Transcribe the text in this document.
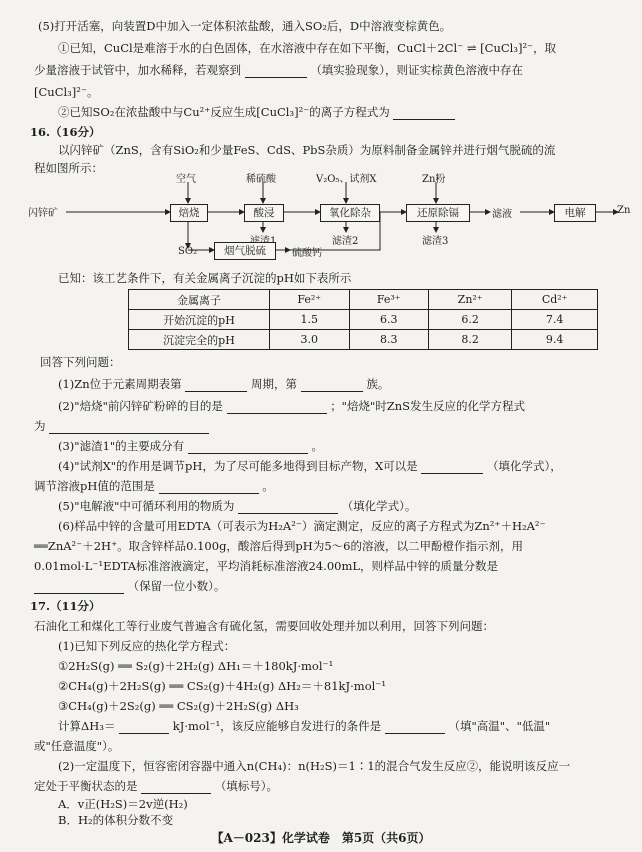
(5)打开活塞，向装置D中加入一定体积浓盐酸，通入SO₂后，D中溶液变棕黄色。
①已知，CuCl是难溶于水的白色固体，在水溶液中存在如下平衡，CuCl＋2Cl⁻ ⇌ [CuCl₃]²⁻，取
少量溶液于试管中，加水稀释，若观察到	（填实验现象），则证实棕黄色溶液中存在
[CuCl₃]²⁻。
②已知SO₂在浓盐酸中与Cu²⁺反应生成[CuCl₃]²⁻的离子方程式为
16.（16分）
以闪锌矿（ZnS，含有SiO₂和少量FeS、CdS、PbS杂质）为原料制备金属锌并进行烟气脱硫的流
程如图所示：
闪锌矿	焙烧	酸浸	氧化除杂	还原除镉	滤液	电解	Zn
空气	稀硫酸	V₂O₅、试剂X	Zn粉
滤渣2	滤渣3
SO₂	烟气脱硫	硫酸钙
已知：该工艺条件下，有关金属离子沉淀的pH如下表所示
金属离子	Fe²⁺	Fe³⁺	Zn²⁺	Cd²⁺
开始沉淀的pH	1.5	6.3	6.2	7.4
沉淀完全的pH	3.0	8.3	8.2	9.4
回答下列问题：
(1)Zn位于元素周期表第	周期，第	族。
(2)"焙烧"前闪锌矿粉碎的目的是	；"焙烧"时ZnS发生反应的化学方程式
为
(3)"滤渣1"的主要成分有	。
(4)"试剂X"的作用是调节pH，为了尽可能多地得到目标产物，X可以是	（填化学式），
调节溶液pH值的范围是	。
(5)"电解液"中可循环利用的物质为	（填化学式）。
(6)样品中锌的含量可用EDTA（可表示为H₂A²⁻）滴定测定，反应的离子方程式为Zn²⁺＋H₂A²⁻
══ZnA²⁻＋2H⁺。取含锌样品0.100g，酸溶后得到pH为5～6的溶液，以二甲酚橙作指示剂，用
0.01mol·L⁻¹EDTA标准溶液滴定，平均消耗标准溶液24.00mL，则样品中锌的质量分数是
（保留一位小数）。
17.（11分）
石油化工和煤化工等行业废气普遍含有硫化氢，需要回收处理并加以利用，回答下列问题：
(1)已知下列反应的热化学方程式：
①2H₂S(g) ══ S₂(g)＋2H₂(g) ΔH₁＝＋180kJ·mol⁻¹
②CH₄(g)＋2H₂S(g) ══ CS₂(g)＋4H₂(g) ΔH₂＝＋81kJ·mol⁻¹
③CH₄(g)＋2S₂(g) ══ CS₂(g)＋2H₂S(g) ΔH₃
计算ΔH₃＝	kJ·mol⁻¹，该反应能够自发进行的条件是	（填"高温"、"低温"
或"任意温度"）。
(2)一定温度下，恒容密闭容器中通入n(CH₄)：n(H₂S)＝1∶1的混合气发生反应②，能说明该反应一
定处于平衡状态的是	（填标号）。
A．v正(H₂S)＝2v逆(H₂)
B．H₂的体积分数不变
【A－023】化学试卷　第5页（共6页）
